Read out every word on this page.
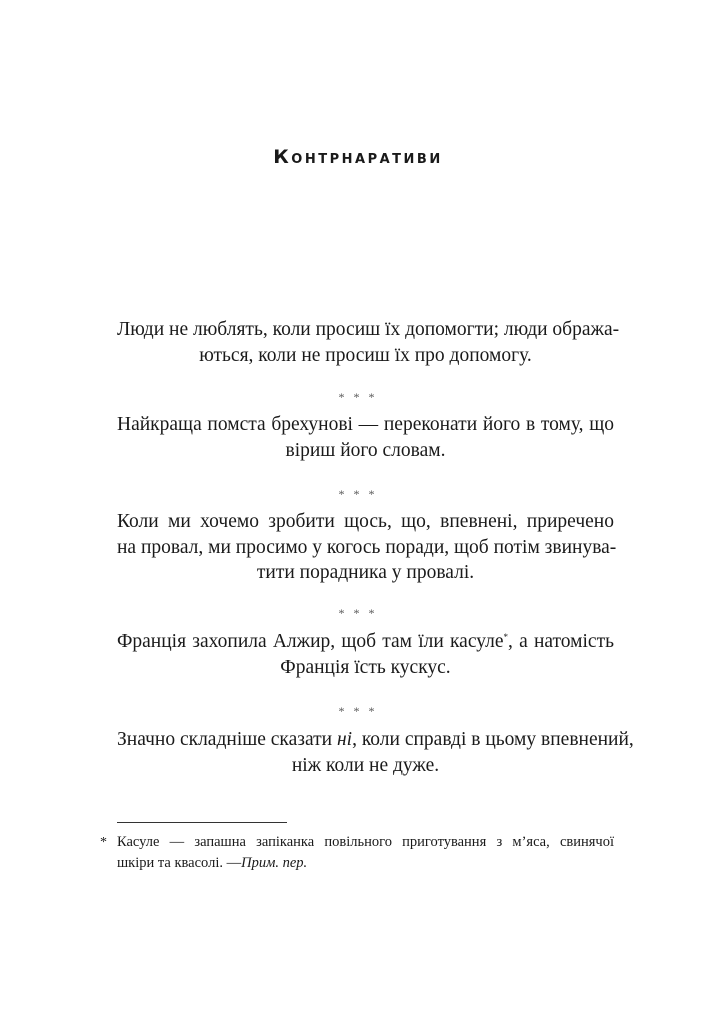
Контрнаративи
Люди не люблять, коли просиш їх допомогти; люди обража-
ються, коли не просиш їх про допомогу.
* * *
Найкраща помста брехунові — переконати його в тому, що
віриш його словам.
* * *
Коли ми хочемо зробити щось, що, впевнені, приречено
на провал, ми просимо у когось поради, щоб потім звинува-
тити порадника у провалі.
* * *
Франція захопила Алжир, щоб там їли касуле*, а натомість
Франція їсть кускус.
* * *
Значно складніше сказати ні, коли справді в цьому впевнений,
ніж коли не дуже.
* Касуле — запашна запіканка повільного приготування з м’яса, свинячої
шкіри та квасолі. —Прим. пер.
